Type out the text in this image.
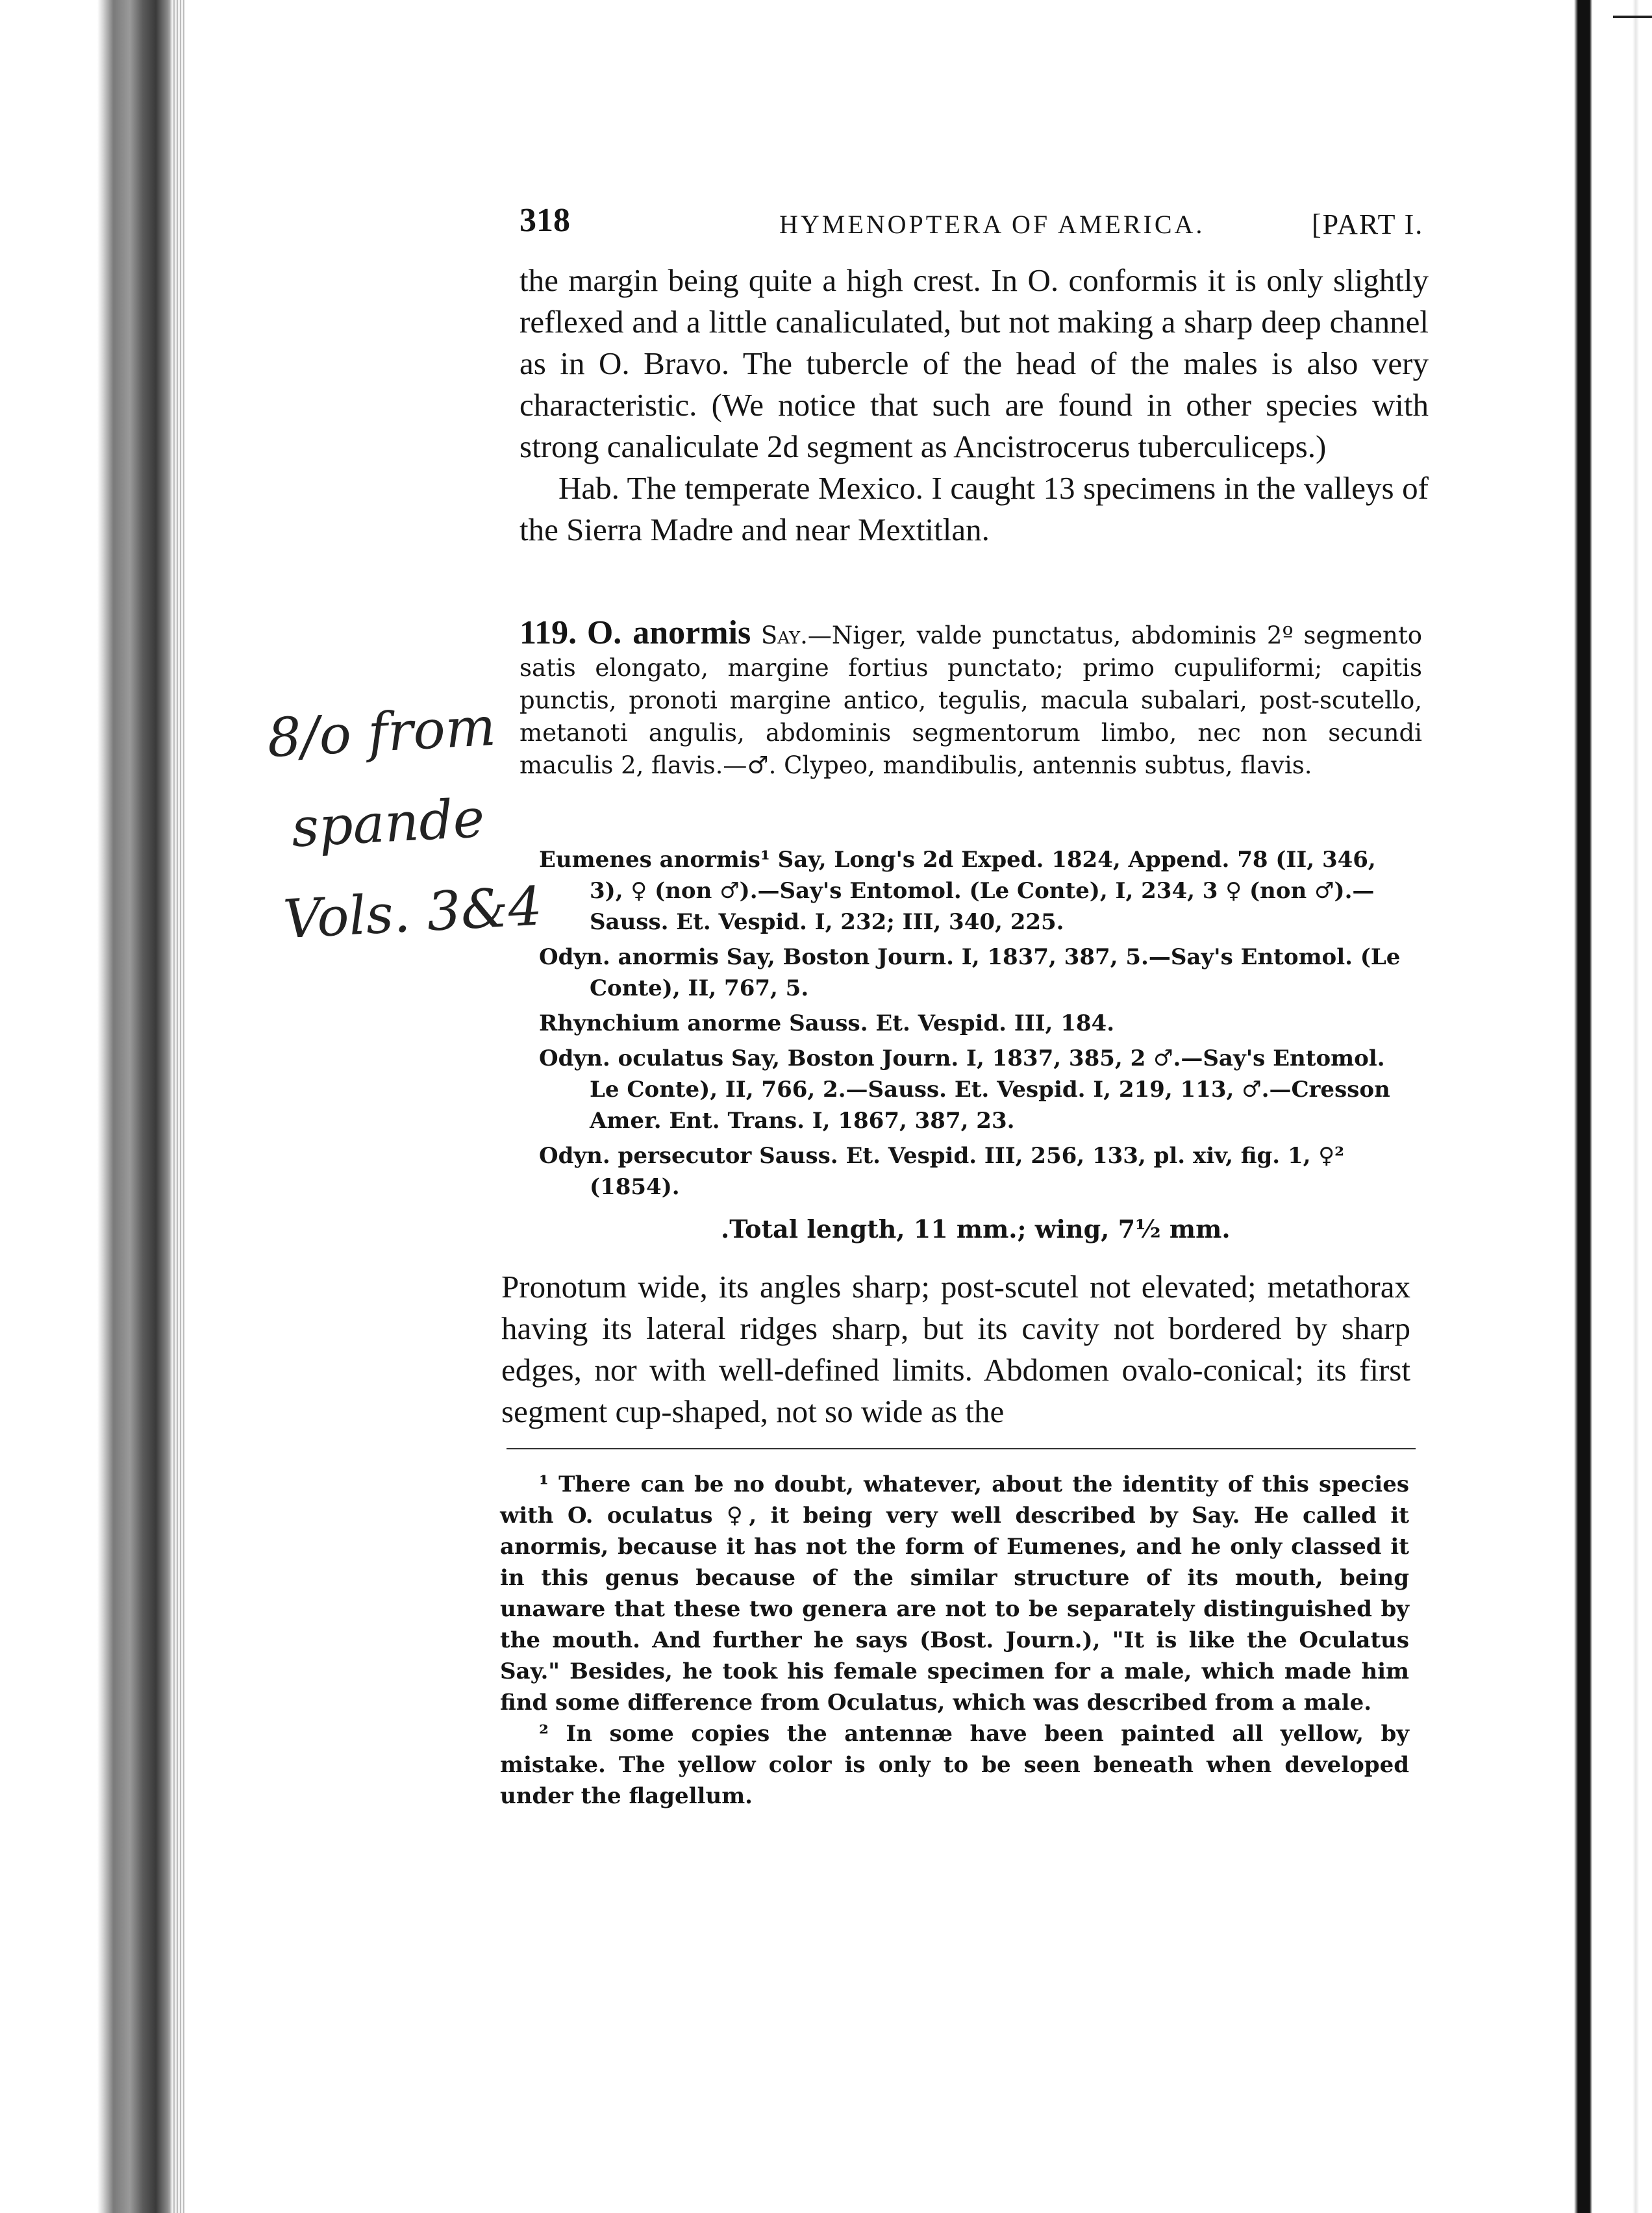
318	HYMENOPTERA OF AMERICA.	[PART I.

the margin being quite a high crest. In O. conformis it is only slightly reflexed and a little canaliculated, but not making a sharp deep channel as in O. Bravo. The tubercle of the head of the males is also very characteristic. (We notice that such are found in other species with strong canaliculate 2d segment as Ancistrocerus tuberculiceps.)

Hab. The temperate Mexico. I caught 13 specimens in the valleys of the Sierra Madre and near Mextitlan.

8/o from
spande
Vols. 3&4

119. O. anormis Say.—Niger, valde punctatus, abdominis 2º segmento satis elongato, margine fortius punctato; primo cupuliformi; capitis punctis, pronoti margine antico, tegulis, macula subalari, post-scutello, metanoti angulis, abdominis segmentorum limbo, nec non secundi maculis 2, flavis.—♂. Clypeo, mandibulis, antennis subtus, flavis.

Eumenes anormis¹ Say, Long's 2d Exped. 1824, Append. 78 (II, 346, 3), ♀ (non ♂).—Say's Entomol. (Le Conte), I, 234, 3 ♀ (non ♂).—Sauss. Et. Vespid. I, 232; III, 340, 225.

Odyn. anormis Say, Boston Journ. I, 1837, 387, 5.—Say's Entomol. (Le Conte), II, 767, 5.

Rhynchium anorme Sauss. Et. Vespid. III, 184.

Odyn. oculatus Say, Boston Journ. I, 1837, 385, 2 ♂.—Say's Entomol. Le Conte), II, 766, 2.—Sauss. Et. Vespid. I, 219, 113, ♂.—Cresson Amer. Ent. Trans. I, 1867, 387, 23.

Odyn. persecutor Sauss. Et. Vespid. III, 256, 133, pl. xiv, fig. 1, ♀² (1854).

.Total length, 11 mm.; wing, 7½ mm.
Pronotum wide, its angles sharp; post-scutel not elevated; metathorax having its lateral ridges sharp, but its cavity not bordered by sharp edges, nor with well-defined limits. Abdomen ovalo-conical; its first segment cup-shaped, not so wide as the

¹ There can be no doubt, whatever, about the identity of this species with O. oculatus ♀, it being very well described by Say. He called it anormis, because it has not the form of Eumenes, and he only classed it in this genus because of the similar structure of its mouth, being unaware that these two genera are not to be separately distinguished by the mouth. And further he says (Bost. Journ.), "It is like the Oculatus Say." Besides, he took his female specimen for a male, which made him find some difference from Oculatus, which was described from a male.

² In some copies the antennæ have been painted all yellow, by mistake. The yellow color is only to be seen beneath when developed under the flagellum.
